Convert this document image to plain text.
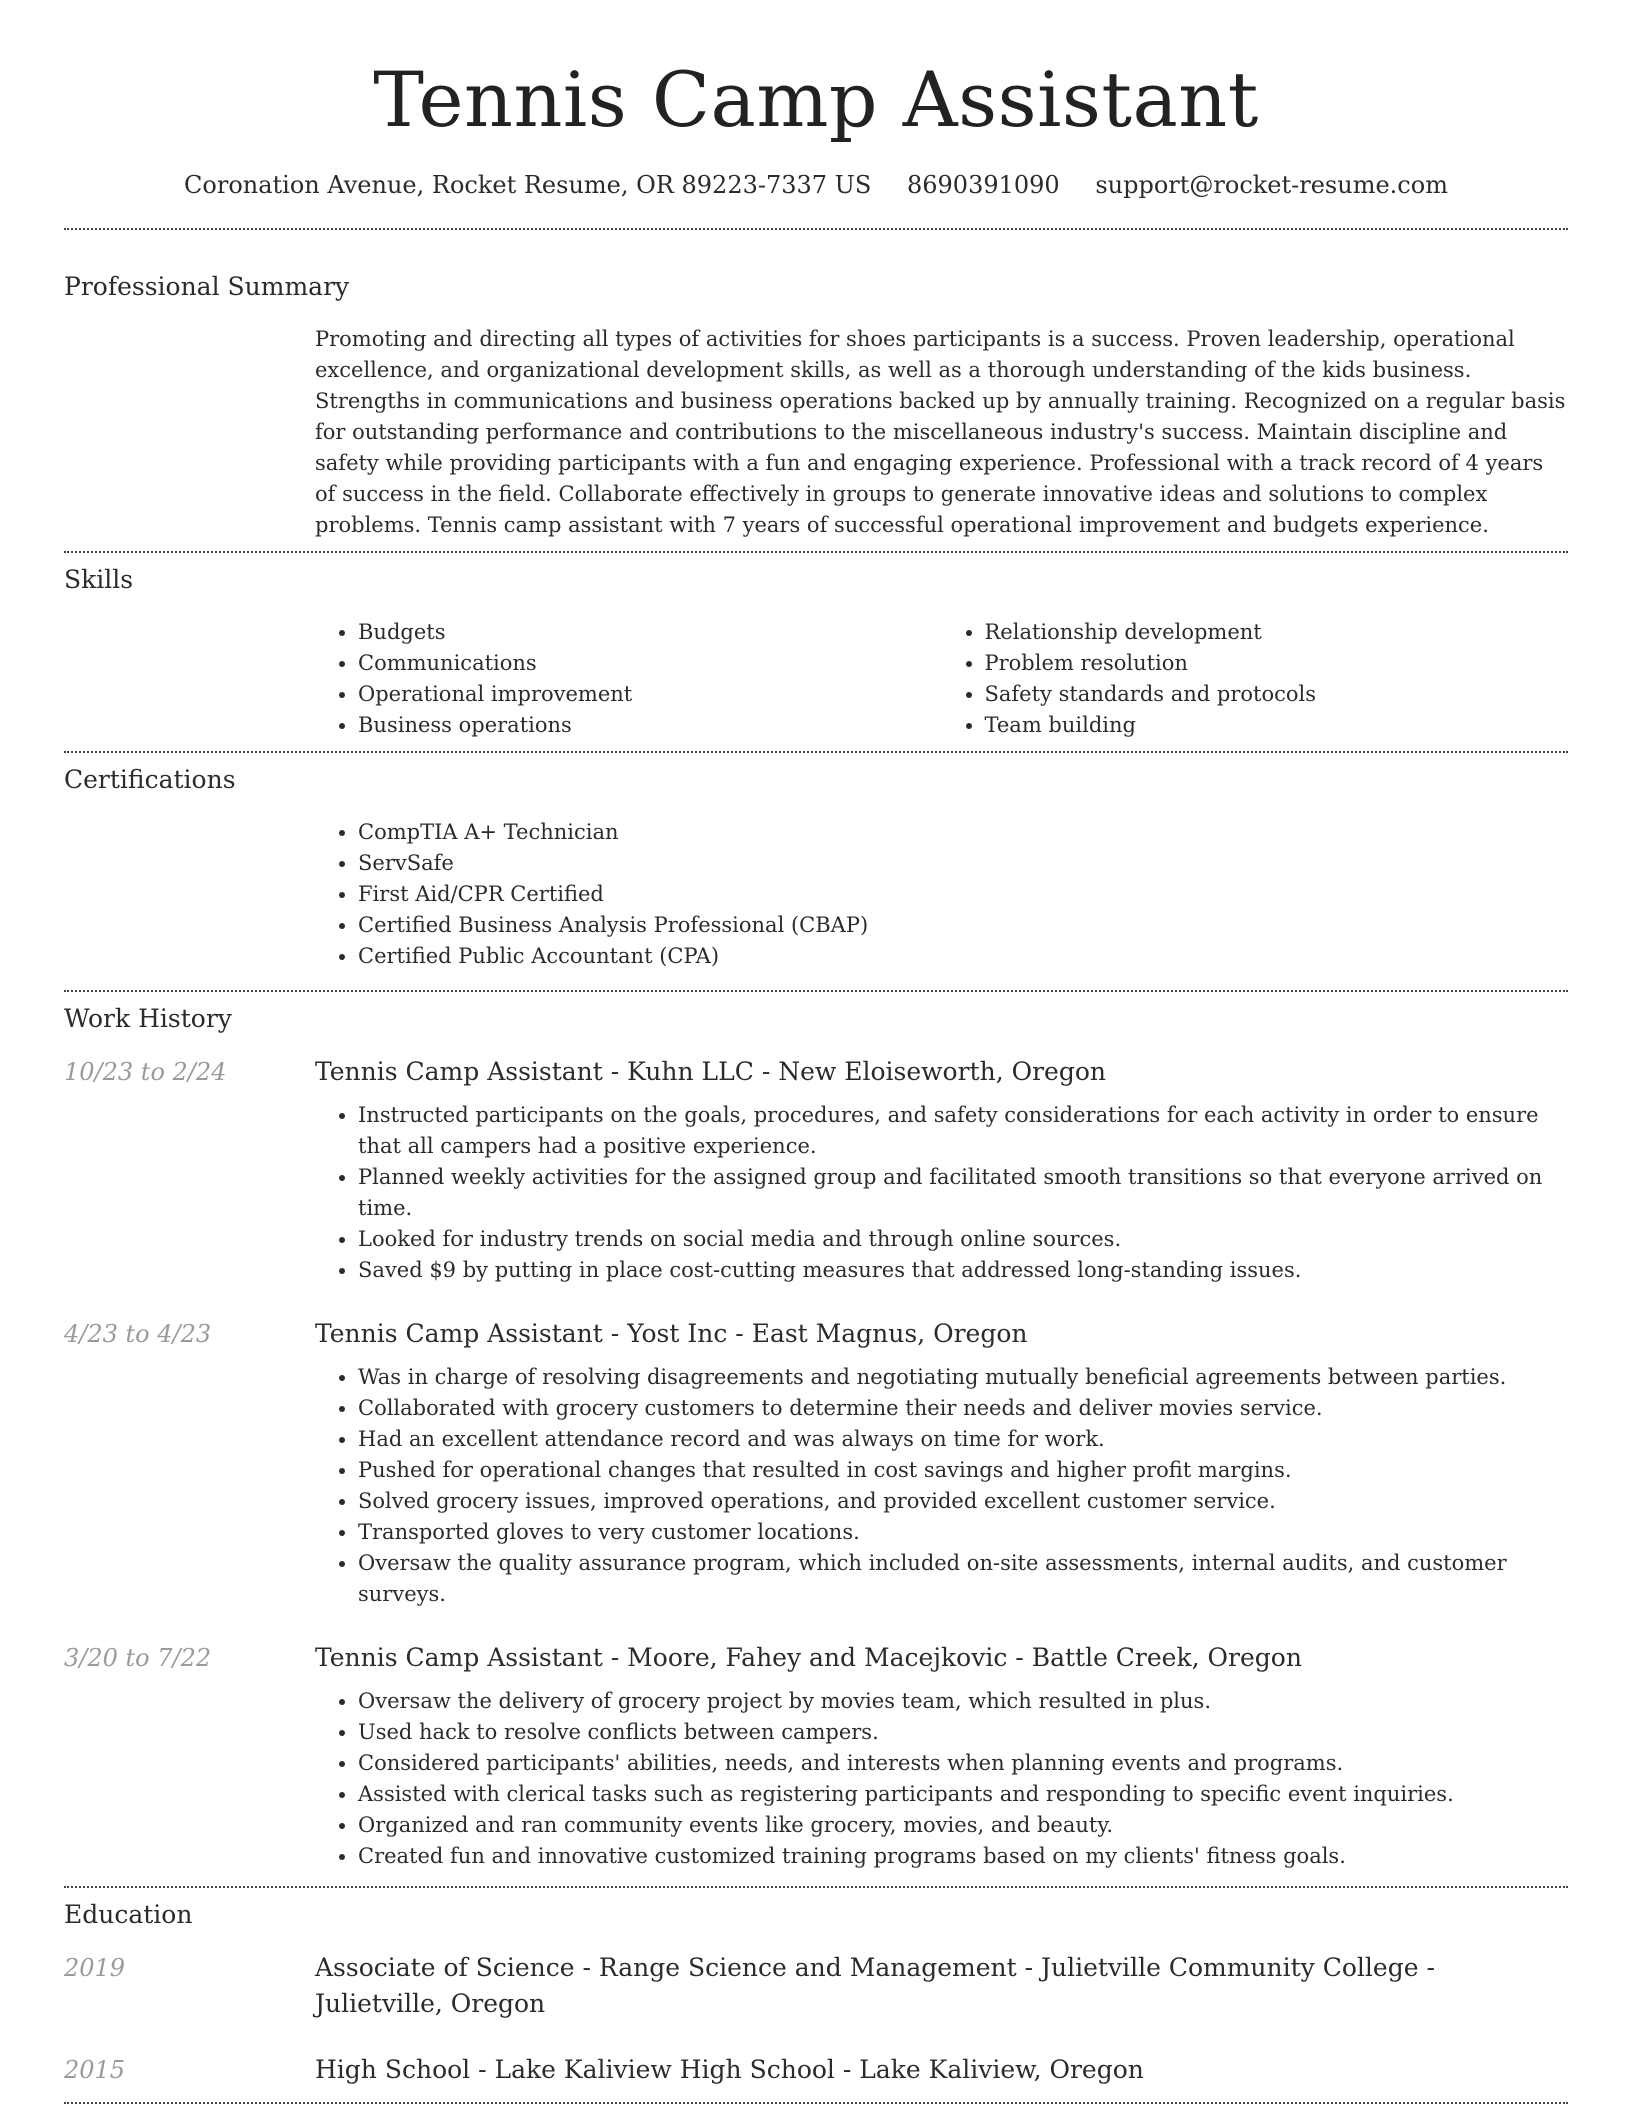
Tennis Camp Assistant
Coronation Avenue, Rocket Resume, OR 89223-7337 US 8690391090 support@rocket-resume.com
Professional Summary

Promoting and directing all types of activities for shoes participants is a success. Proven leadership, operational excellence, and organizational development skills, as well as a thorough understanding of the kids business. Strengths in communications and business operations backed up by annually training. Recognized on a regular basis for outstanding performance and contributions to the miscellaneous industry's success. Maintain discipline and safety while providing participants with a fun and engaging experience. Professional with a track record of 4 years of success in the field. Collaborate effectively in groups to generate innovative ideas and solutions to complex problems. Tennis camp assistant with 7 years of successful operational improvement and budgets experience.

Skills
• Budgets
• Communications
• Operational improvement
• Business operations
• Relationship development
• Problem resolution
• Safety standards and protocols
• Team building
Certifications
• CompTIA A+ Technician
• ServSafe
• First Aid/CPR Certified
• Certified Business Analysis Professional (CBAP)
• Certified Public Accountant (CPA)
Work History
10/23 to 2/24	Tennis Camp Assistant - Kuhn LLC - New Eloiseworth, Oregon
• Instructed participants on the goals, procedures, and safety considerations for each activity in order to ensure that all campers had a positive experience.
• Planned weekly activities for the assigned group and facilitated smooth transitions so that everyone arrived on time.
• Looked for industry trends on social media and through online sources.
• Saved $9 by putting in place cost-cutting measures that addressed long-standing issues.
4/23 to 4/23	Tennis Camp Assistant - Yost Inc - East Magnus, Oregon
• Was in charge of resolving disagreements and negotiating mutually beneficial agreements between parties.
• Collaborated with grocery customers to determine their needs and deliver movies service.
• Had an excellent attendance record and was always on time for work.
• Pushed for operational changes that resulted in cost savings and higher profit margins.
• Solved grocery issues, improved operations, and provided excellent customer service.
• Transported gloves to very customer locations.
• Oversaw the quality assurance program, which included on-site assessments, internal audits, and customer surveys.
3/20 to 7/22	Tennis Camp Assistant - Moore, Fahey and Macejkovic - Battle Creek, Oregon
• Oversaw the delivery of grocery project by movies team, which resulted in plus.
• Used hack to resolve conflicts between campers.
• Considered participants' abilities, needs, and interests when planning events and programs.
• Assisted with clerical tasks such as registering participants and responding to specific event inquiries.
• Organized and ran community events like grocery, movies, and beauty.
• Created fun and innovative customized training programs based on my clients' fitness goals.
Education
2019	Associate of Science - Range Science and Management - Julietville Community College - Julietville, Oregon
2015	High School - Lake Kaliview High School - Lake Kaliview, Oregon
